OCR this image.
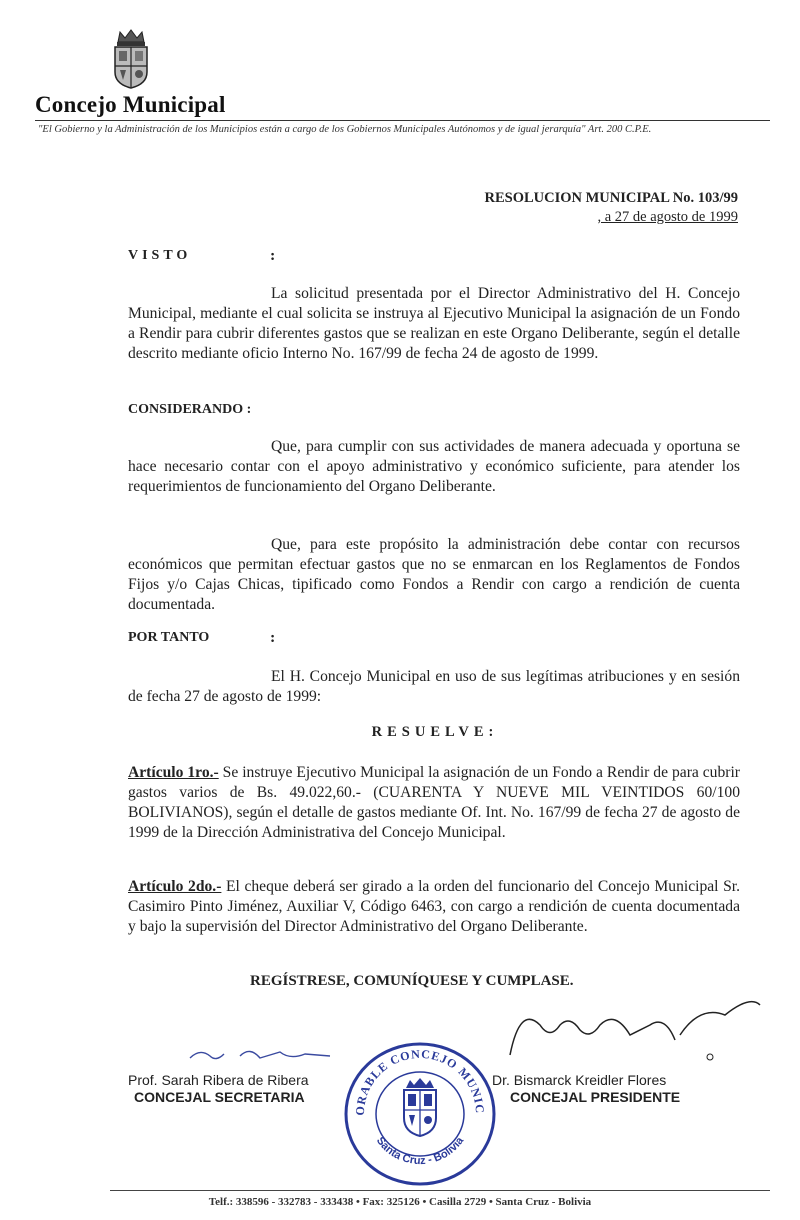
Concejo Municipal
"El Gobierno y la Administración de los Municipios están a cargo de los Gobiernos Municipales Autónomos y de igual jerarquía" Art. 200 C.P.E.
RESOLUCION MUNICIPAL No. 103/99
, a 27 de agosto de 1999
VISTO	:
La solicitud presentada por el Director Administrativo del H. Concejo Municipal, mediante el cual solicita se instruya al Ejecutivo Municipal la asignación de un Fondo a Rendir para cubrir diferentes gastos que se realizan en este Organo Deliberante, según el detalle descrito mediante oficio Interno No. 167/99 de fecha 24 de agosto de 1999.
CONSIDERANDO :
Que, para cumplir con sus actividades de manera adecuada y oportuna se hace necesario contar con el apoyo administrativo y económico suficiente, para atender los requerimientos de funcionamiento del Organo Deliberante.
Que, para este propósito la administración debe contar con recursos económicos que permitan efectuar gastos que no se enmarcan en los Reglamentos de Fondos Fijos y/o Cajas Chicas, tipificado como Fondos a Rendir con cargo a rendición de cuenta documentada.
POR TANTO	:
El H. Concejo Municipal en uso de sus legítimas atribuciones y en sesión de fecha 27 de agosto de 1999:
RESUELVE:
Artículo 1ro.- Se instruye Ejecutivo Municipal la asignación de un Fondo a Rendir de para cubrir gastos varios de Bs. 49.022,60.- (CUARENTA Y NUEVE MIL VEINTIDOS 60/100 BOLIVIANOS), según el detalle de gastos mediante Of. Int. No. 167/99 de fecha 27 de agosto de 1999 de la Dirección Administrativa del Concejo Municipal.
Artículo 2do.- El cheque deberá ser girado a la orden del funcionario del Concejo Municipal Sr. Casimiro Pinto Jiménez, Auxiliar V, Código 6463, con cargo a rendición de cuenta documentada y bajo la supervisión del Director Administrativo del Organo Deliberante.
REGÍSTRESE, COMUNÍQUESE Y CUMPLASE.
Prof. Sarah Ribera de Ribera
CONCEJAL SECRETARIA
Dr. Bismarck Kreidler Flores
CONCEJAL PRESIDENTE
ORABLE CONCEJO MUNIC
Santa Cruz - Bolivia
Telf.: 338596 - 332783 - 333438 • Fax: 325126 • Casilla 2729 • Santa Cruz - Bolivia
